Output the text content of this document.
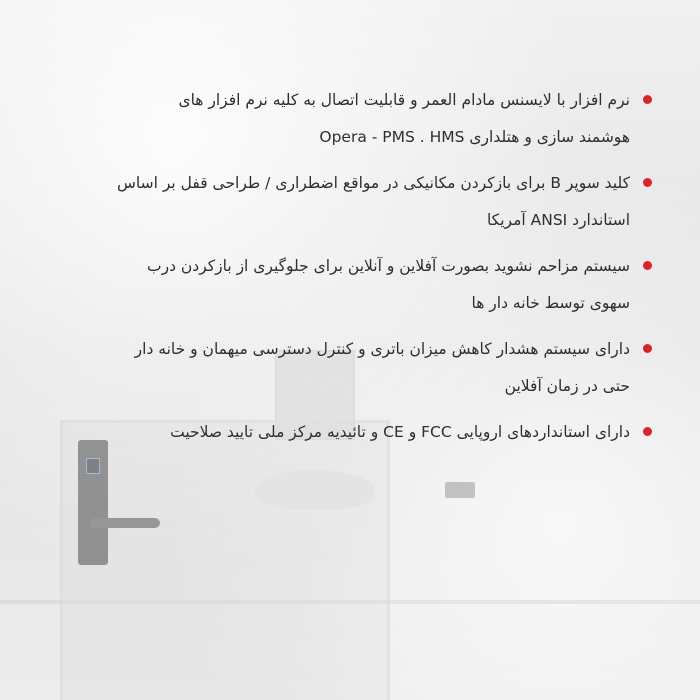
نرم افزار با لایسنس مادام العمر و قابلیت اتصال به کلیه نرم افزار های
هوشمند سازی و هتلداری Opera - PMS . HMS
کلید سوپر B برای بازکردن مکانیکی در مواقع اضطراری / طراحی قفل بر اساس
استاندارد ANSI آمریکا
سیستم مزاحم نشوید بصورت آفلاین و آنلاین برای جلوگیری از بازکردن درب
سهوی توسط خانه دار ها
دارای سیستم هشدار کاهش میزان باتری و کنترل دسترسی میهمان و خانه دار
حتی در زمان آفلاین
دارای استانداردهای اروپایی FCC و CE و تائیدیه مرکز ملی تایید صلاحیت
